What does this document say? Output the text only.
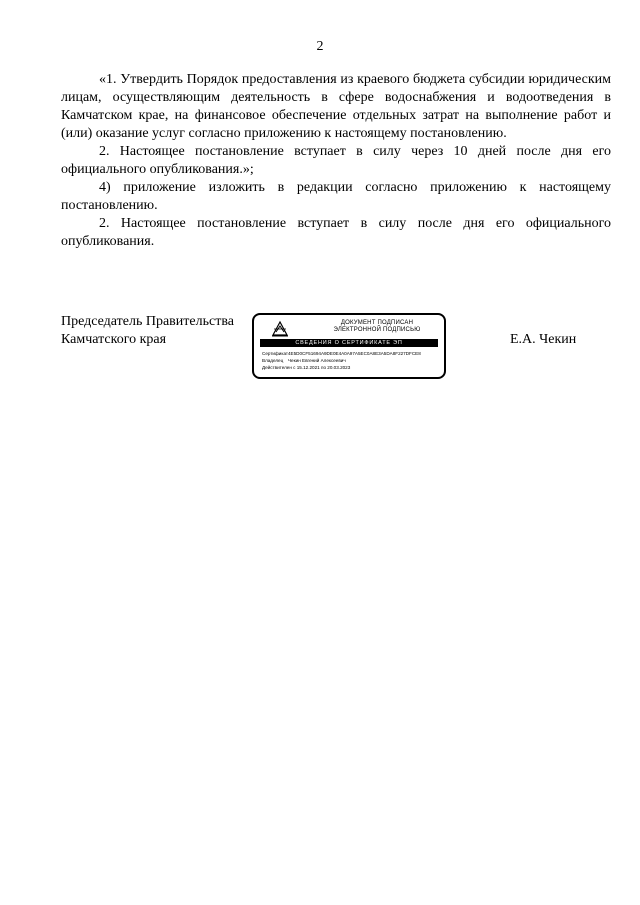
2

«1. Утвердить Порядок предоставления из краевого бюджета субсидии юридическим лицам, осуществляющим деятельность в сфере водоснабжения и водоотведения в Камчатском крае, на финансовое обеспечение отдельных затрат на выполнение работ и (или) оказание услуг согласно приложению к настоящему постановлению.

2. Настоящее постановление вступает в силу через 10 дней после дня его официального опубликования.»;

4) приложение изложить в редакции согласно приложению к настоящему постановлению.

2. Настоящее постановление вступает в силу после дня его официального опубликования.

Председатель Правительства
Камчатского края
ДОКУМЕНТ ПОДПИСАН
ЭЛЕКТРОННОЙ ПОДПИСЬЮ
СВЕДЕНИЯ О СЕРТИФИКАТЕ ЭП
Сертификат4E5D0CF51694A9DE0E4A0A97A5EC0A8E3A5DA8F227DFCE8
Владелец Чекин Евгений Алексеевич
Действителен с 15.12.2021 по 20.03.2023
Е.А. Чекин
